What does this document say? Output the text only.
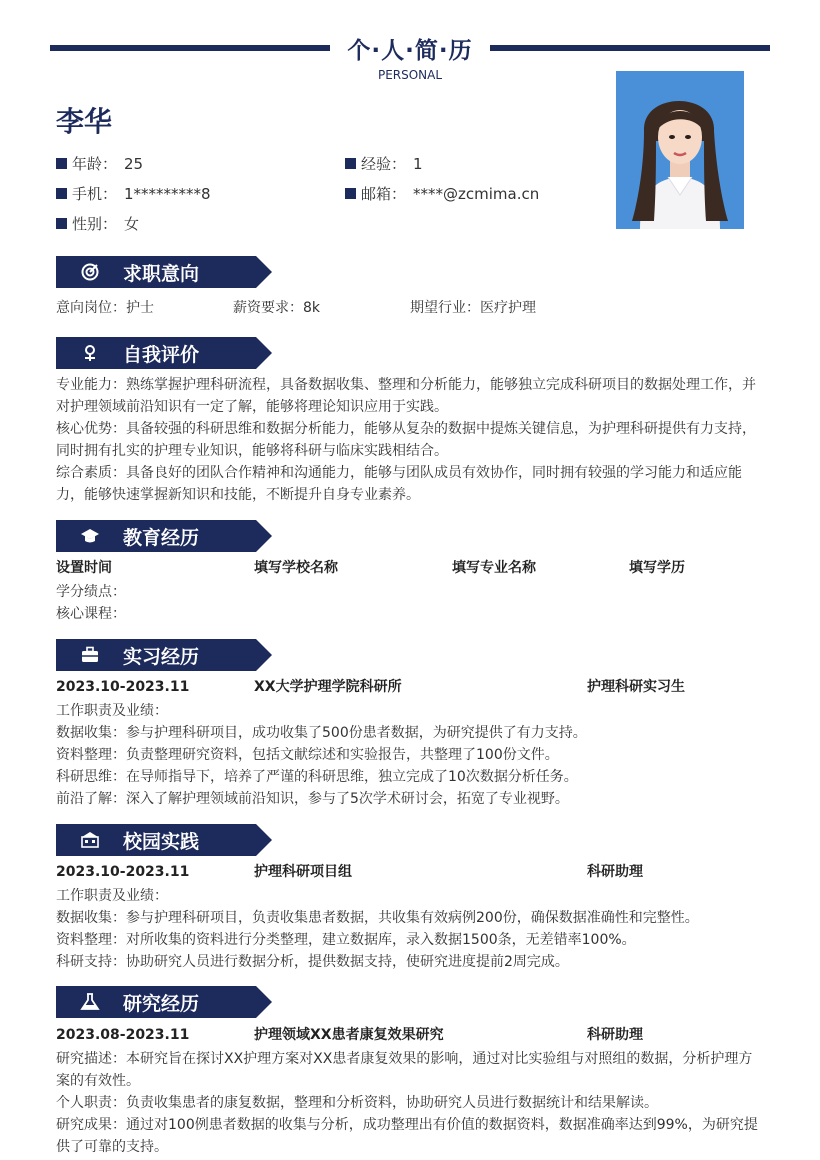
个·人·简·历
PERSONAL
李华
年龄： 25	经验： 1
手机： 1*********8	邮箱： ****@zcmima.cn
性别： 女
求职意向
意向岗位：护士	薪资要求：8k	期望行业：医疗护理
自我评价
专业能力：熟练掌握护理科研流程，具备数据收集、整理和分析能力，能够独立完成科研项目的数据处理工作，并
对护理领域前沿知识有一定了解，能够将理论知识应用于实践。
核心优势：具备较强的科研思维和数据分析能力，能够从复杂的数据中提炼关键信息，为护理科研提供有力支持，
同时拥有扎实的护理专业知识，能够将科研与临床实践相结合。
综合素质：具备良好的团队合作精神和沟通能力，能够与团队成员有效协作，同时拥有较强的学习能力和适应能
力，能够快速掌握新知识和技能，不断提升自身专业素养。
教育经历
设置时间	填写学校名称	填写专业名称	填写学历
学分绩点：
核心课程：
实习经历
2023.10-2023.11	XX大学护理学院科研所	护理科研实习生
工作职责及业绩：
数据收集：参与护理科研项目，成功收集了500份患者数据，为研究提供了有力支持。
资料整理：负责整理研究资料，包括文献综述和实验报告，共整理了100份文件。
科研思维：在导师指导下，培养了严谨的科研思维，独立完成了10次数据分析任务。
前沿了解：深入了解护理领域前沿知识，参与了5次学术研讨会，拓宽了专业视野。
校园实践
2023.10-2023.11	护理科研项目组	科研助理
工作职责及业绩：
数据收集：参与护理科研项目，负责收集患者数据，共收集有效病例200份，确保数据准确性和完整性。
资料整理：对所收集的资料进行分类整理，建立数据库，录入数据1500条，无差错率100%。
科研支持：协助研究人员进行数据分析，提供数据支持，使研究进度提前2周完成。
研究经历
2023.08-2023.11	护理领域XX患者康复效果研究	科研助理
研究描述：本研究旨在探讨XX护理方案对XX患者康复效果的影响，通过对比实验组与对照组的数据，分析护理方
案的有效性。
个人职责：负责收集患者的康复数据，整理和分析资料，协助研究人员进行数据统计和结果解读。
研究成果：通过对100例患者数据的收集与分析，成功整理出有价值的数据资料，数据准确率达到99%，为研究提
供了可靠的支持。
